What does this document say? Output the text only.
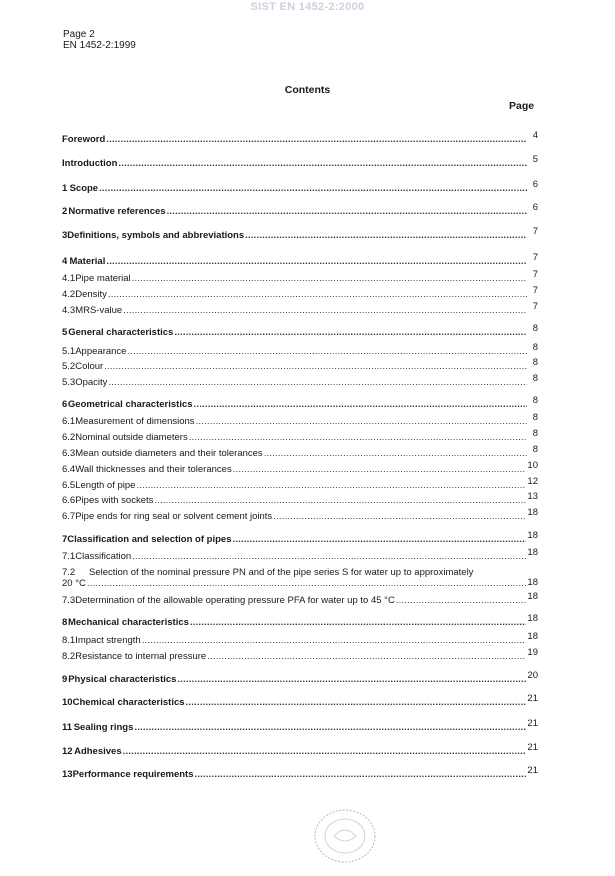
SIST EN 1452-2:2000
Page 2
EN 1452-2:1999
Contents
Page
Foreword .....	4
Introduction .....	5
1 Scope .....	6
2 Normative references .....	6
3 Definitions, symbols and abbreviations .....	7
4 Material .....	7
4.1 Pipe material .....	7
4.2 Density .....	7
4.3 MRS-value .....	7
5 General characteristics .....	8
5.1 Appearance .....	8
5.2 Colour .....	8
5.3 Opacity .....	8
6 Geometrical characteristics .....	8
6.1 Measurement of dimensions .....	8
6.2 Nominal outside diameters .....	8
6.3 Mean outside diameters and their tolerances .....	8
6.4 Wall thicknesses and their tolerances .....	10
6.5 Length of pipe .....	12
6.6 Pipes with sockets .....	13
6.7 Pipe ends for ring seal or solvent cement joints .....	18
7 Classification and selection of pipes .....	18
7.1 Classification .....	18
7.2 Selection of the nominal pressure PN and of the pipe series S for water up to approximately
20 °C .....	18
7.3 Determination of the allowable operating pressure PFA for water up to 45 °C .....	18
8 Mechanical characteristics .....	18
8.1 Impact strength .....	18
8.2 Resistance to internal pressure .....	19
9 Physical characteristics .....	20
10 Chemical characteristics .....	21
11 Sealing rings .....	21
12 Adhesives .....	21
13 Performance requirements .....	21
